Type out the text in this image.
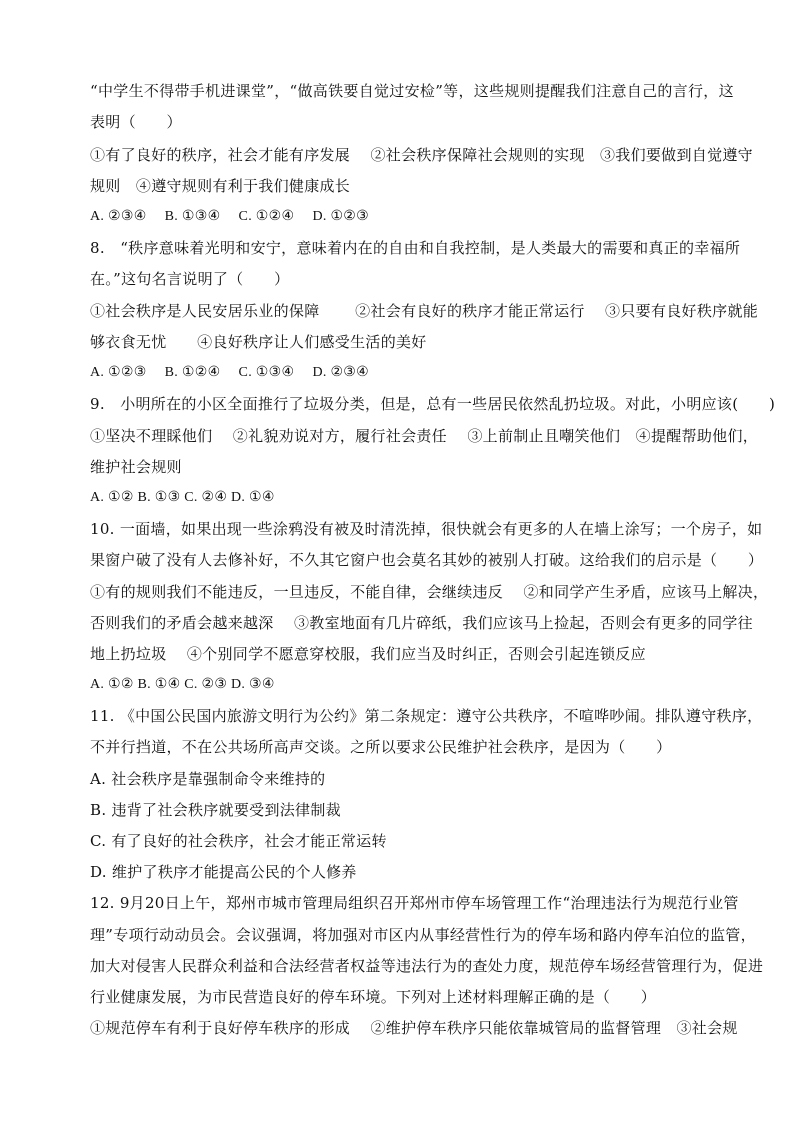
“中学生不得带手机进课堂”，“做高铁要自觉过安检”等，这些规则提醒我们注意自己的言行，这
表明（　　）
①有了良好的秩序，社会才能有序发展　 ②社会秩序保障社会规则的实现　③我们要做到自觉遵守
规则　④遵守规则有利于我们健康成长
A. ②③④　 B. ①③④　 C. ①②④　 D. ①②③
8.　“秩序意味着光明和安宁，意味着内在的自由和自我控制，是人类最大的需要和真正的幸福所
在。”这句名言说明了（　　）
①社会秩序是人民安居乐业的保障　 　②社会有良好的秩序才能正常运行　 ③只要有良好秩序就能
够衣食无忧　　④良好秩序让人们感受生活的美好
A. ①②③　 B. ①②④　 C. ①③④　 D. ②③④
9.　小明所在的小区全面推行了垃圾分类，但是，总有一些居民依然乱扔垃圾。对此，小明应该(　　)
①坚决不理睬他们　 ②礼貌劝说对方，履行社会责任　 ③上前制止且嘲笑他们　④提醒帮助他们，
维护社会规则
A. ①② B. ①③ C. ②④ D. ①④
10. 一面墙，如果出现一些涂鸦没有被及时清洗掉，很快就会有更多的人在墙上涂写；一个房子，如
果窗户破了没有人去修补好，不久其它窗户也会莫名其妙的被别人打破。这给我们的启示是（　　）
①有的规则我们不能违反，一旦违反，不能自律，会继续违反　 ②和同学产生矛盾，应该马上解决，
否则我们的矛盾会越来越深　 ③教室地面有几片碎纸，我们应该马上捡起，否则会有更多的同学往
地上扔垃圾　 ④个别同学不愿意穿校服，我们应当及时纠正，否则会引起连锁反应
A. ①② B. ①④ C. ②③ D. ③④
11. 《中国公民国内旅游文明行为公约》第二条规定：遵守公共秩序，不喧哗吵闹。排队遵守秩序，
不并行挡道，不在公共场所高声交谈。之所以要求公民维护社会秩序，是因为（　　）
A. 社会秩序是靠强制命令来维持的
B. 违背了社会秩序就要受到法律制裁
C. 有了良好的社会秩序，社会才能正常运转
D. 维护了秩序才能提高公民的个人修养
12. 9月20日上午，郑州市城市管理局组织召开郑州市停车场管理工作“治理违法行为规范行业管
理”专项行动动员会。会议强调，将加强对市区内从事经营性行为的停车场和路内停车泊位的监管，
加大对侵害人民群众利益和合法经营者权益等违法行为的查处力度，规范停车场经营管理行为，促进
行业健康发展，为市民营造良好的停车环境。下列对上述材料理解正确的是（　　）
①规范停车有利于良好停车秩序的形成　 ②维护停车秩序只能依靠城管局的监督管理　③社会规
